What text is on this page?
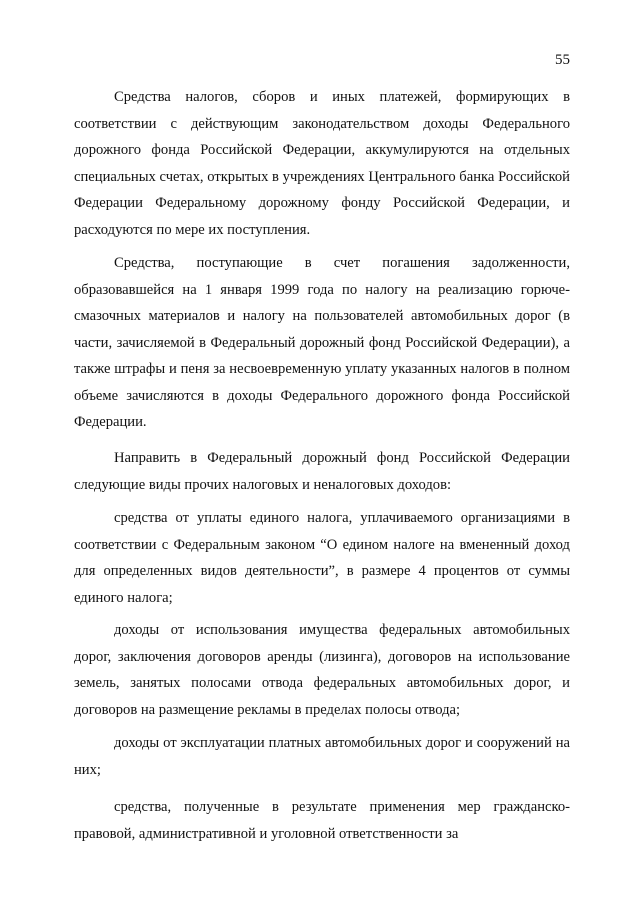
55

Средства налогов, сборов и иных платежей, формирующих в соответствии с действующим законодательством доходы Федерального дорожного фонда Российской Федерации, аккумулируются на отдельных специальных счетах, открытых в учреждениях Центрального банка Российской Федерации Федеральному дорожному фонду Российской Федерации, и расходуются по мере их поступления.

Средства, поступающие в счет погашения задолженности, образовавшейся на 1 января 1999 года по налогу на реализацию горюче-смазочных материалов и налогу на пользователей автомобильных дорог (в части, зачисляемой в Федеральный дорожный фонд Российской Федерации), а также штрафы и пеня за несвоевременную уплату указанных налогов в полном объеме зачисляются в доходы Федерального дорожного фонда Российской Федерации.

Направить в Федеральный дорожный фонд Российской Федерации следующие виды прочих налоговых и неналоговых доходов:

средства от уплаты единого налога, уплачиваемого организациями в соответствии с Федеральным законом “О едином налоге на вмененный доход для определенных видов деятельности”, в размере 4 процентов от суммы единого налога;

доходы от использования имущества федеральных автомобильных дорог, заключения договоров аренды (лизинга), договоров на использование земель, занятых полосами отвода федеральных автомобильных дорог, и договоров на размещение рекламы в пределах полосы отвода;

доходы от эксплуатации платных автомобильных дорог и сооружений на них;

средства, полученные в результате применения мер гражданско-правовой, административной и уголовной ответственности за
